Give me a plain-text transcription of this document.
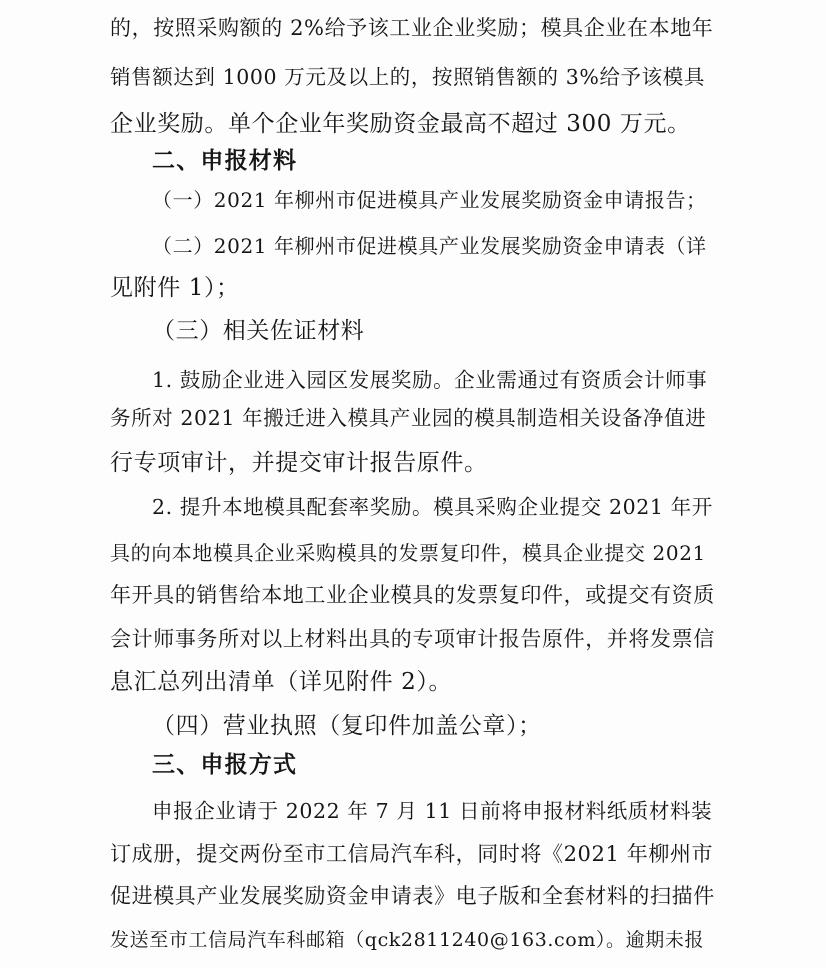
的，按照采购额的 2%给予该工业企业奖励；模具企业在本地年
销售额达到 1000 万元及以上的，按照销售额的 3%给予该模具
企业奖励。单个企业年奖励资金最高不超过 300 万元。
二、申报材料
（一）2021 年柳州市促进模具产业发展奖励资金申请报告；
（二）2021 年柳州市促进模具产业发展奖励资金申请表（详
见附件 1）；
（三）相关佐证材料
1. 鼓励企业进入园区发展奖励。企业需通过有资质会计师事
务所对 2021 年搬迁进入模具产业园的模具制造相关设备净值进
行专项审计，并提交审计报告原件。
2. 提升本地模具配套率奖励。模具采购企业提交 2021 年开
具的向本地模具企业采购模具的发票复印件，模具企业提交 2021
年开具的销售给本地工业企业模具的发票复印件，或提交有资质
会计师事务所对以上材料出具的专项审计报告原件，并将发票信
息汇总列出清单（详见附件 2）。
（四）营业执照（复印件加盖公章）；
三、申报方式
申报企业请于 2022 年 7 月 11 日前将申报材料纸质材料装
订成册，提交两份至市工信局汽车科，同时将《2021 年柳州市
促进模具产业发展奖励资金申请表》电子版和全套材料的扫描件
发送至市工信局汽车科邮箱（qck2811240@163.com）。逾期未报
